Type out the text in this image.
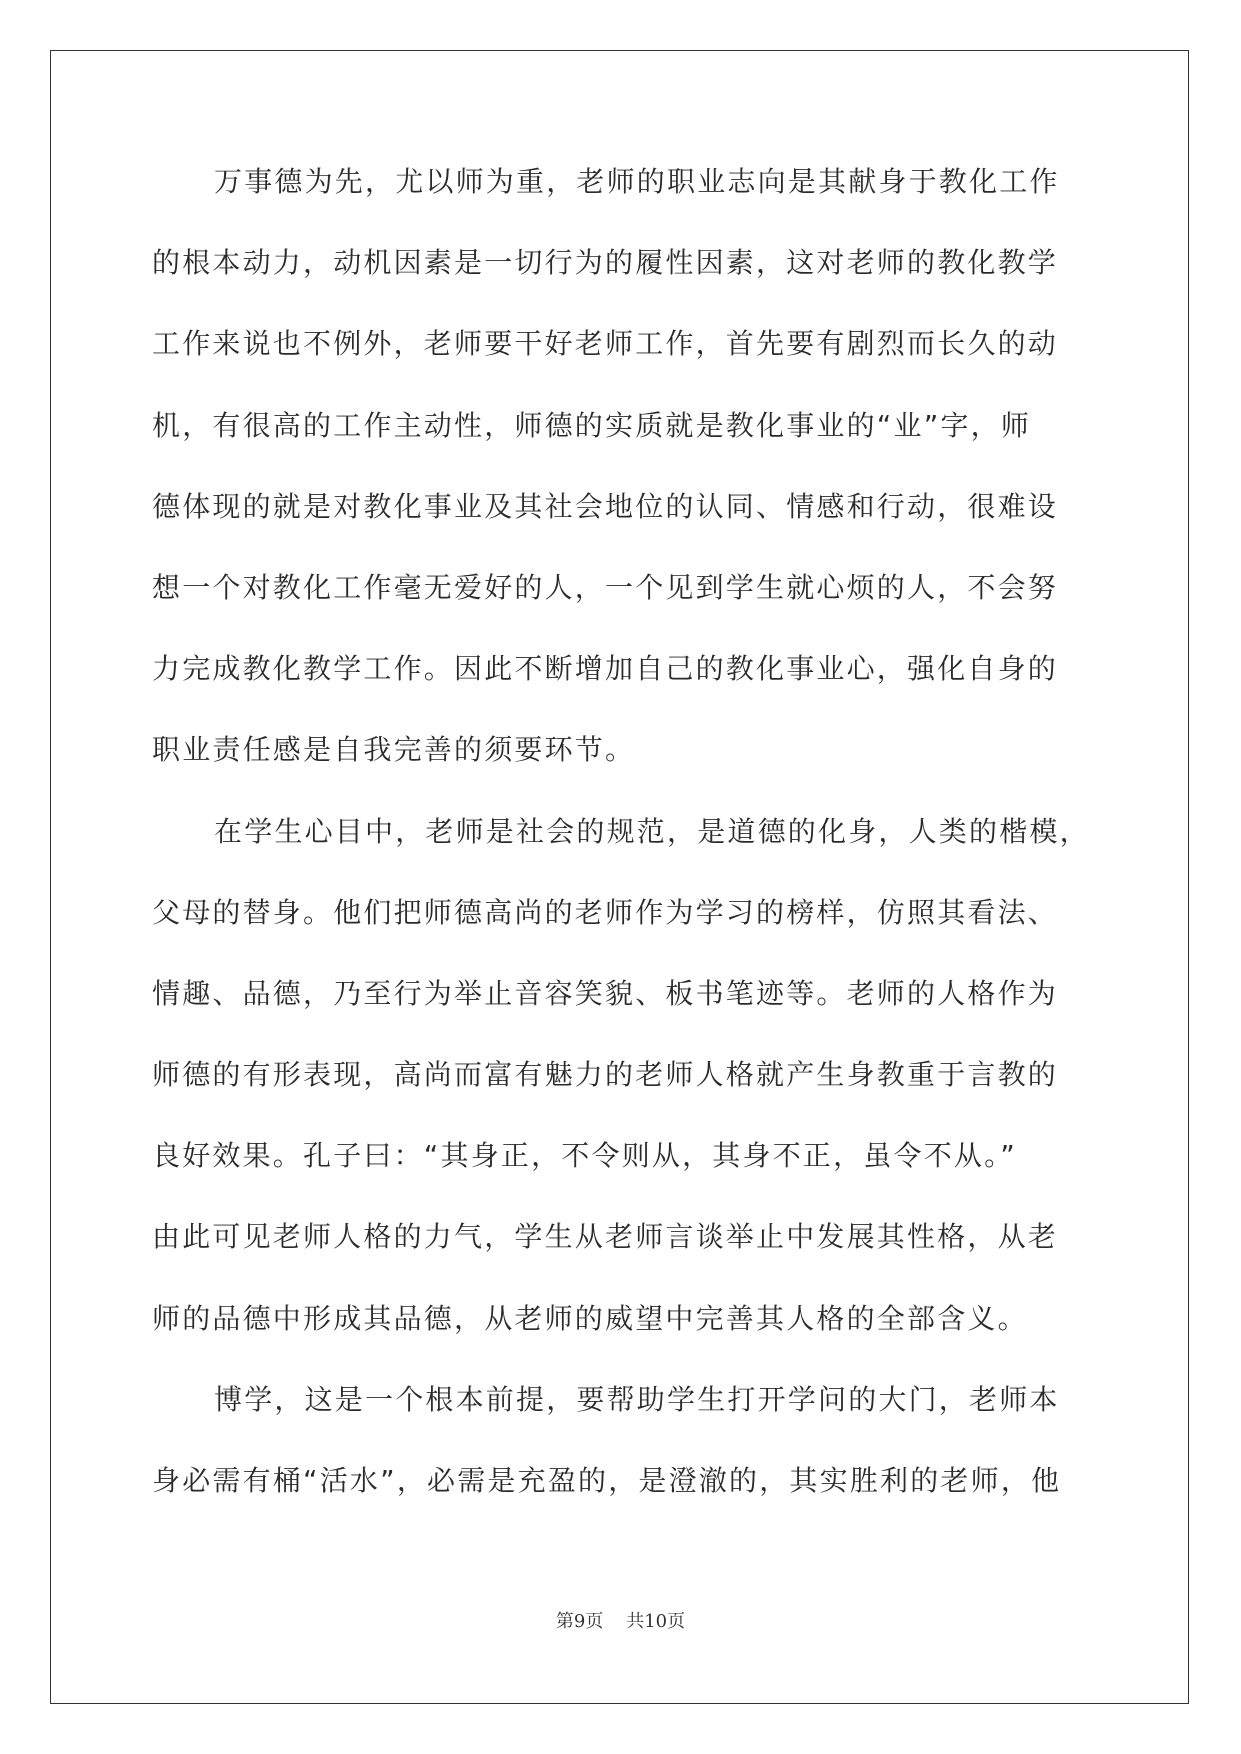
万事德为先，尤以师为重，老师的职业志向是其献身于教化工作
的根本动力，动机因素是一切行为的履性因素，这对老师的教化教学
工作来说也不例外，老师要干好老师工作，首先要有剧烈而长久的动
机，有很高的工作主动性，师德的实质就是教化事业的“业”字，师
德体现的就是对教化事业及其社会地位的认同、情感和行动，很难设
想一个对教化工作毫无爱好的人，一个见到学生就心烦的人，不会努
力完成教化教学工作。因此不断增加自己的教化事业心，强化自身的
职业责任感是自我完善的须要环节。
在学生心目中，老师是社会的规范，是道德的化身，人类的楷模，
父母的替身。他们把师德高尚的老师作为学习的榜样，仿照其看法、
情趣、品德，乃至行为举止音容笑貌、板书笔迹等。老师的人格作为
师德的有形表现，高尚而富有魅力的老师人格就产生身教重于言教的
良好效果。孔子曰：“其身正，不令则从，其身不正，虽令不从。”
由此可见老师人格的力气，学生从老师言谈举止中发展其性格，从老
师的品德中形成其品德，从老师的威望中完善其人格的全部含义。
博学，这是一个根本前提，要帮助学生打开学问的大门，老师本
身必需有桶“活水”，必需是充盈的，是澄澈的，其实胜利的老师，他
第9页    共10页
